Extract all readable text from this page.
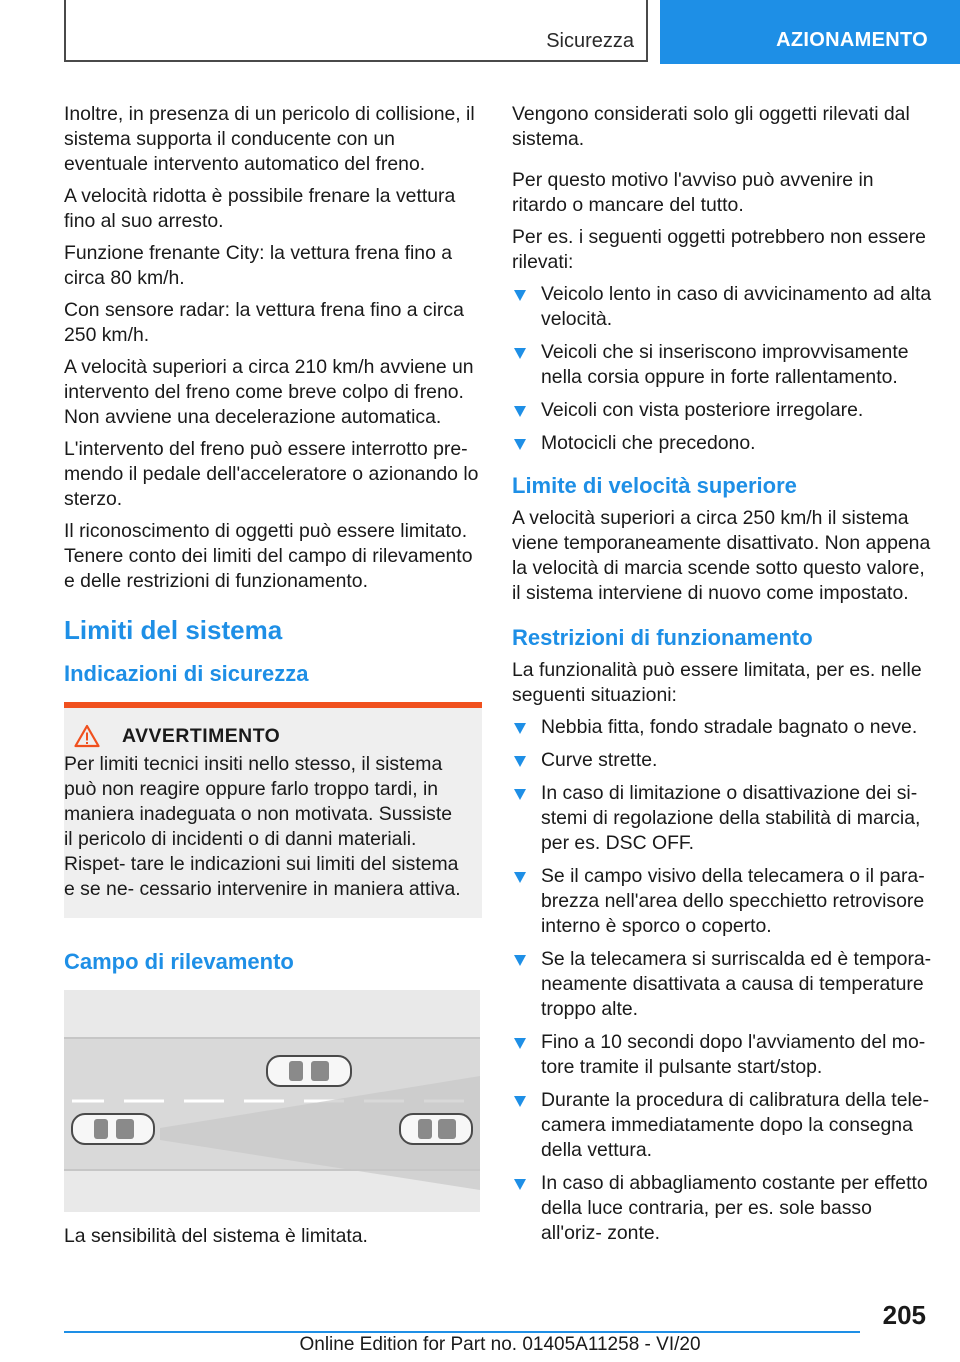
Sicurezza	AZIONAMENTO

Inoltre, in presenza di un pericolo di collisione, il sistema supporta il conducente con un eventuale intervento automatico del freno.

A velocità ridotta è possibile frenare la vettura fino al suo arresto.

Funzione frenante City: la vettura frena fino a circa 80 km/h.

Con sensore radar: la vettura frena fino a circa 250 km/h.

A velocità superiori a circa 210 km/h avviene un intervento del freno come breve colpo di freno. Non avviene una decelerazione automatica.

L'intervento del freno può essere interrotto pre- mendo il pedale dell'acceleratore o azionando lo sterzo.

Il riconoscimento di oggetti può essere limitato. Tenere conto dei limiti del campo di rilevamento e delle restrizioni di funzionamento.

Limiti del sistema
Indicazioni di sicurezza
AVVERTIMENTO

Per limiti tecnici insiti nello stesso, il sistema può non reagire oppure farlo troppo tardi, in maniera inadeguata o non motivata. Sussiste il pericolo di incidenti o di danni materiali. Rispet- tare le indicazioni sui limiti del sistema e se ne- cessario intervenire in maniera attiva.

Campo di rilevamento

La sensibilità del sistema è limitata.

Vengono considerati solo gli oggetti rilevati dal sistema.

Per questo motivo l'avviso può avvenire in ritardo o mancare del tutto.

Per es. i seguenti oggetti potrebbero non essere rilevati:

Veicolo lento in caso di avvicinamento ad alta velocità.
Veicoli che si inseriscono improvvisamente nella corsia oppure in forte rallentamento.
Veicoli con vista posteriore irregolare.
Motocicli che precedono.
Limite di velocità superiore

A velocità superiori a circa 250 km/h il sistema viene temporaneamente disattivato. Non appena la velocità di marcia scende sotto questo valore, il sistema interviene di nuovo come impostato.

Restrizioni di funzionamento

La funzionalità può essere limitata, per es. nelle seguenti situazioni:

Nebbia fitta, fondo stradale bagnato o neve.
Curve strette.
In caso di limitazione o disattivazione dei si- stemi di regolazione della stabilità di marcia, per es. DSC OFF.
Se il campo visivo della telecamera o il para- brezza nell'area dello specchietto retrovisore interno è sporco o coperto.
Se la telecamera si surriscalda ed è tempora- neamente disattivata a causa di temperature troppo alte.
Fino a 10 secondi dopo l'avviamento del mo- tore tramite il pulsante start/stop.
Durante la procedura di calibratura della tele- camera immediatamente dopo la consegna della vettura.
In caso di abbagliamento costante per effetto della luce contraria, per es. sole basso all'oriz- zonte.
205
Online Edition for Part no. 01405A11258 - VI/20
